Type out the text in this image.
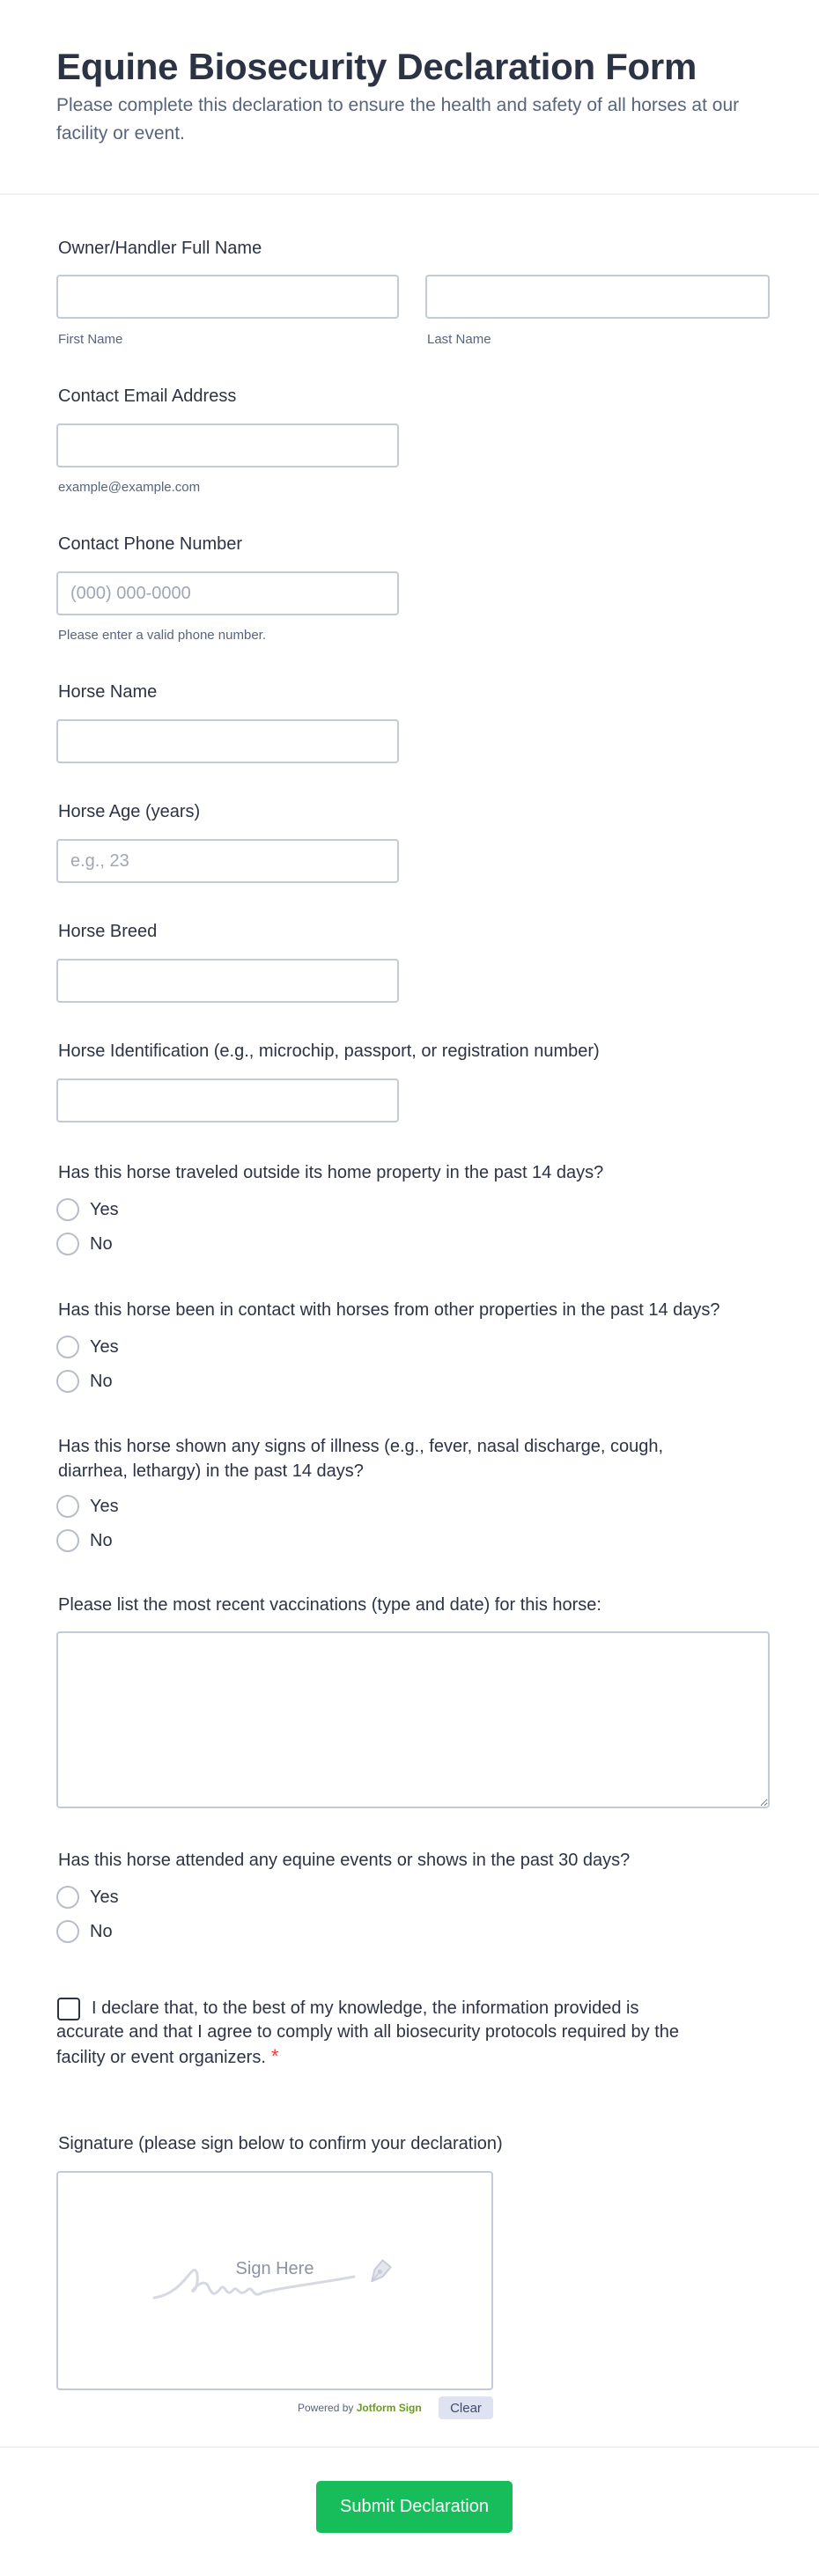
Equine Biosecurity Declaration Form

Please complete this declaration to ensure the health and safety of all horses at our facility or event.

Owner/Handler Full Name
First Name	Last Name
Contact Email Address
example@example.com
Contact Phone Number
(000) 000-0000
Please enter a valid phone number.
Horse Name
Horse Age (years)
e.g., 23
Horse Breed
Horse Identification (e.g., microchip, passport, or registration number)
Has this horse traveled outside its home property in the past 14 days?
Yes
No
Has this horse been in contact with horses from other properties in the past 14 days?
Yes
No
Has this horse shown any signs of illness (e.g., fever, nasal discharge, cough, diarrhea, lethargy) in the past 14 days?
Yes
No
Please list the most recent vaccinations (type and date) for this horse:
Has this horse attended any equine events or shows in the past 30 days?
Yes
No
I declare that, to the best of my knowledge, the information provided is accurate and that I agree to comply with all biosecurity protocols required by the facility or event organizers. *
Signature (please sign below to confirm your declaration)
Sign Here
Powered by Jotform Sign	Clear
Submit Declaration
